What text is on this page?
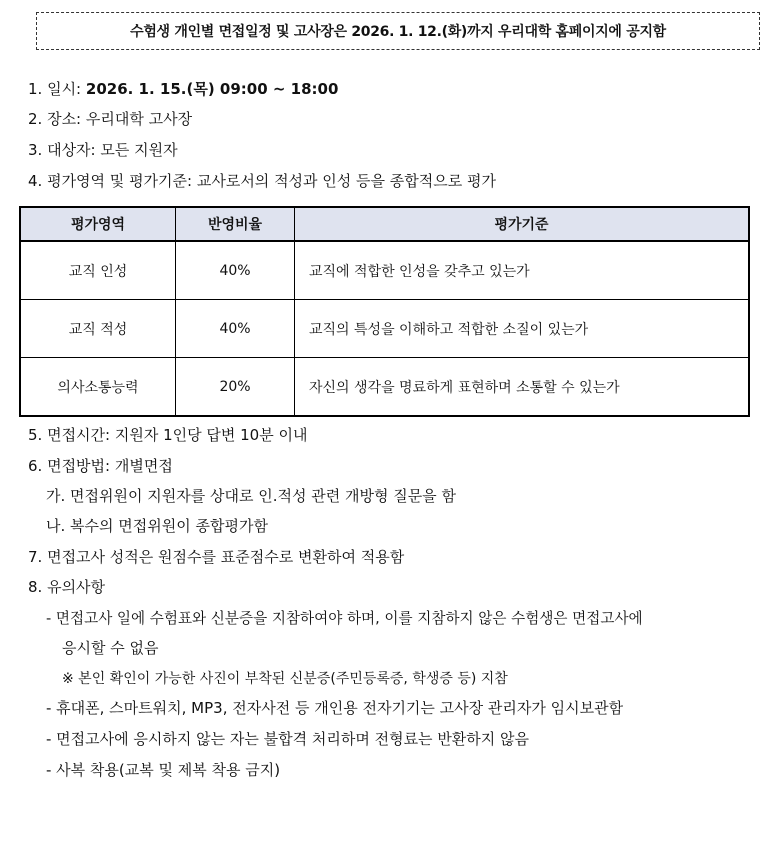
수험생 개인별 면접일정 및 고사장은 2026. 1. 12.(화)까지 우리대학 홈페이지에 공지함
1. 일시: 2026. 1. 15.(목) 09:00 ~ 18:00
2. 장소: 우리대학 고사장
3. 대상자: 모든 지원자
4. 평가영역 및 평가기준: 교사로서의 적성과 인성 등을 종합적으로 평가
평가영역	반영비율	평가기준
교직 인성	40%	교직에 적합한 인성을 갖추고 있는가
교직 적성	40%	교직의 특성을 이해하고 적합한 소질이 있는가
의사소통능력	20%	자신의 생각을 명료하게 표현하며 소통할 수 있는가
5. 면접시간: 지원자 1인당 답변 10분 이내
6. 면접방법: 개별면접
가. 면접위원이 지원자를 상대로 인.적성 관련 개방형 질문을 함
나. 복수의 면접위원이 종합평가함
7. 면접고사 성적은 원점수를 표준점수로 변환하여 적용함
8. 유의사항
- 면접고사 일에 수험표와 신분증을 지참하여야 하며, 이를 지참하지 않은 수험생은 면접고사에
응시할 수 없음
※ 본인 확인이 가능한 사진이 부착된 신분증(주민등록증, 학생증 등) 지참
- 휴대폰, 스마트워치, MP3, 전자사전 등 개인용 전자기기는 고사장 관리자가 임시보관함
- 면접고사에 응시하지 않는 자는 불합격 처리하며 전형료는 반환하지 않음
- 사복 착용(교복 및 제복 착용 금지)
